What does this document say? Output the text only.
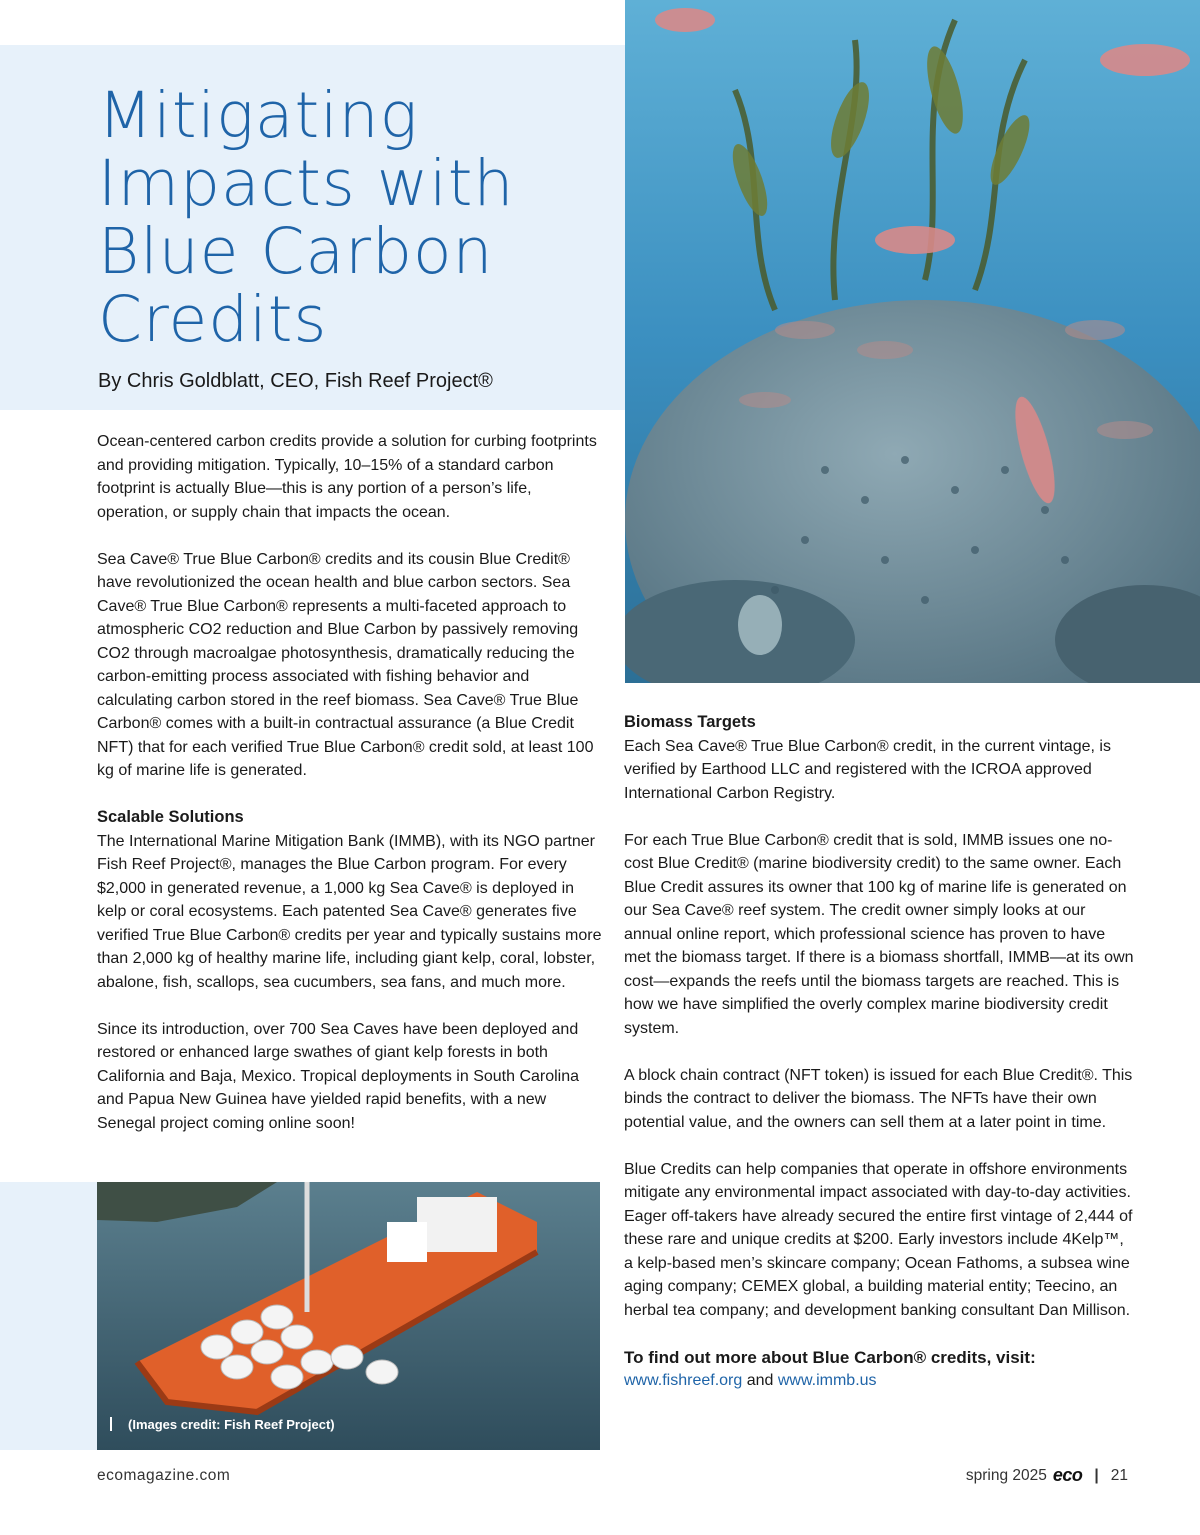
Mitigating Impacts with Blue Carbon Credits
By Chris Goldblatt, CEO, Fish Reef Project®

Ocean-centered carbon credits provide a solution for curbing footprints and providing mitigation. Typically, 10–15% of a standard carbon footprint is actually Blue—this is any portion of a person’s life, operation, or supply chain that impacts the ocean.

Sea Cave® True Blue Carbon® credits and its cousin Blue Credit® have revolutionized the ocean health and blue carbon sectors. Sea Cave® True Blue Carbon® represents a multi-faceted approach to atmospheric CO2 reduction and Blue Carbon by passively removing CO2 through macroalgae photosynthesis, dramatically reducing the carbon-emitting process associated with fishing behavior and calculating carbon stored in the reef biomass. Sea Cave® True Blue Carbon® comes with a built-in contractual assurance (a Blue Credit NFT) that for each verified True Blue Carbon® credit sold, at least 100 kg of marine life is generated.

Scalable Solutions

The International Marine Mitigation Bank (IMMB), with its NGO partner Fish Reef Project®, manages the Blue Carbon program. For every $2,000 in generated revenue, a 1,000 kg Sea Cave® is deployed in kelp or coral ecosystems. Each patented Sea Cave® generates five verified True Blue Carbon® credits per year and typically sustains more than 2,000 kg of healthy marine life, including giant kelp, coral, lobster, abalone, fish, scallops, sea cucumbers, sea fans, and much more.

Since its introduction, over 700 Sea Caves have been deployed and restored or enhanced large swathes of giant kelp forests in both California and Baja, Mexico. Tropical deployments in South Carolina and Papua New Guinea have yielded rapid benefits, with a new Senegal project coming online soon!

Biomass Targets

Each Sea Cave® True Blue Carbon® credit, in the current vintage, is verified by Earthood LLC and registered with the ICROA approved International Carbon Registry.

For each True Blue Carbon® credit that is sold, IMMB issues one no-cost Blue Credit® (marine biodiversity credit) to the same owner. Each Blue Credit assures its owner that 100 kg of marine life is generated on our Sea Cave® reef system. The credit owner simply looks at our annual online report, which professional science has proven to have met the biomass target. If there is a biomass shortfall, IMMB—at its own cost—expands the reefs until the biomass targets are reached. This is how we have simplified the overly complex marine biodiversity credit system.

A block chain contract (NFT token) is issued for each Blue Credit®. This binds the contract to deliver the biomass. The NFTs have their own potential value, and the owners can sell them at a later point in time.

Blue Credits can help companies that operate in offshore environments mitigate any environmental impact associated with day-to-day activities. Eager off-takers have already secured the entire first vintage of 2,444 of these rare and unique credits at $200. Early investors include 4Kelp™, a kelp-based men’s skincare company; Ocean Fathoms, a subsea wine aging company; CEMEX global, a building material entity; Teecino, an herbal tea company; and development banking consultant Dan Millison.

To find out more about Blue Carbon® credits, visit:
www.fishreef.org and www.immb.us
(Images credit: Fish Reef Project)
ecomagazine.com	spring 2025 eco | 21
